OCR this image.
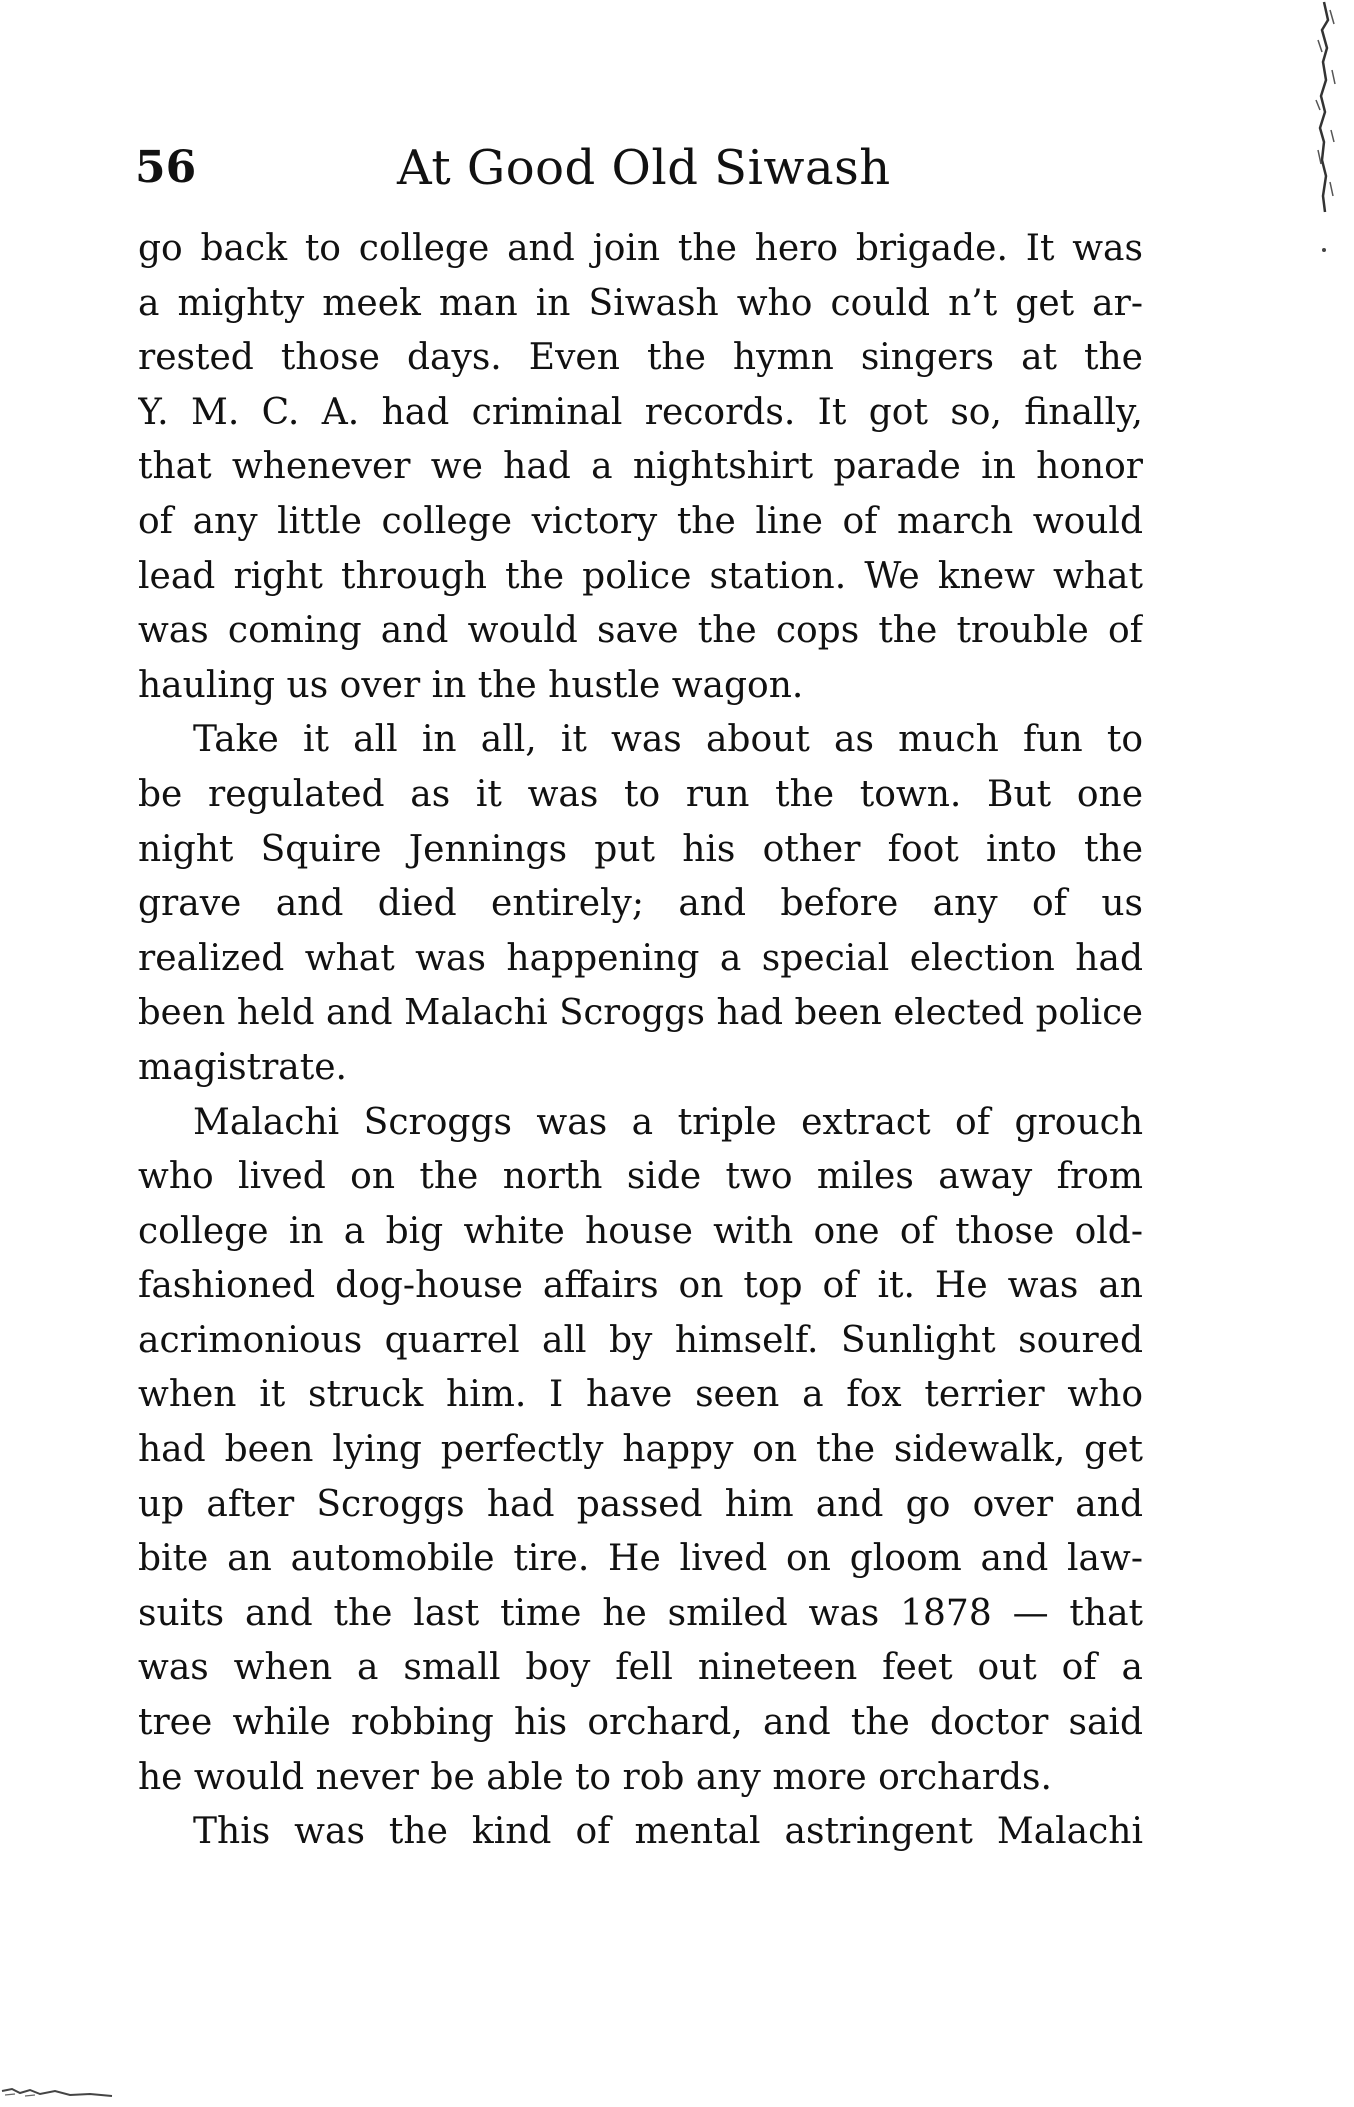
56	At Good Old Siwash
go back to college and join the hero brigade. It was
a mighty meek man in Siwash who could n’t get ar-
rested those days. Even the hymn singers at the
Y. M. C. A. had criminal records. It got so, finally,
that whenever we had a nightshirt parade in honor
of any little college victory the line of march would
lead right through the police station. We knew what
was coming and would save the cops the trouble of
hauling us over in the hustle wagon.
Take it all in all, it was about as much fun to
be regulated as it was to run the town. But one
night Squire Jennings put his other foot into the
grave and died entirely; and before any of us
realized what was happening a special election had
been held and Malachi Scroggs had been elected police
magistrate.
Malachi Scroggs was a triple extract of grouch
who lived on the north side two miles away from
college in a big white house with one of those old-
fashioned dog-house affairs on top of it. He was an
acrimonious quarrel all by himself. Sunlight soured
when it struck him. I have seen a fox terrier who
had been lying perfectly happy on the sidewalk, get
up after Scroggs had passed him and go over and
bite an automobile tire. He lived on gloom and law-
suits and the last time he smiled was 1878 — that
was when a small boy fell nineteen feet out of a
tree while robbing his orchard, and the doctor said
he would never be able to rob any more orchards.
This was the kind of mental astringent Malachi
